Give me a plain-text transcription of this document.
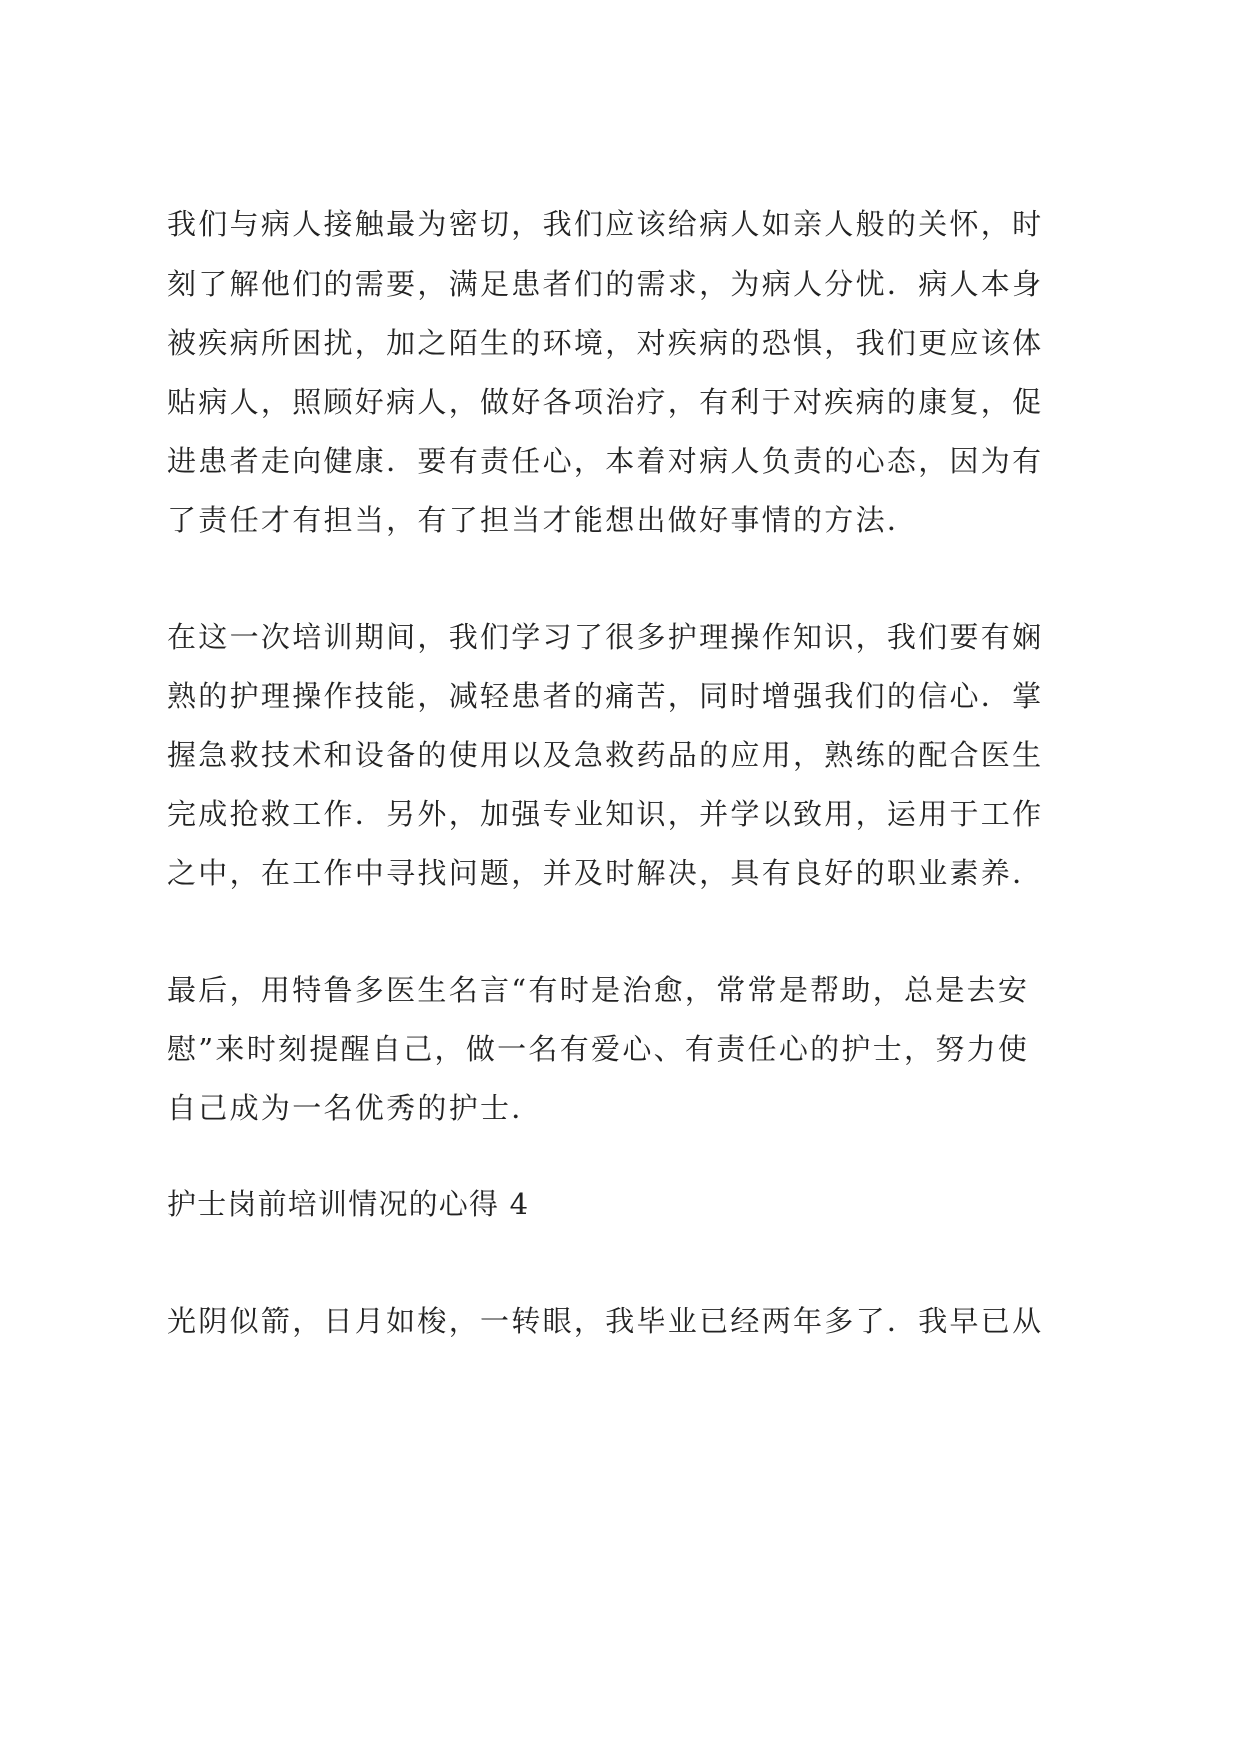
我们与病人接触最为密切，我们应该给病人如亲人般的关怀，时
刻了解他们的需要，满足患者们的需求，为病人分忧．病人本身
被疾病所困扰，加之陌生的环境，对疾病的恐惧，我们更应该体
贴病人，照顾好病人，做好各项治疗，有利于对疾病的康复，促
进患者走向健康．要有责任心，本着对病人负责的心态，因为有
了责任才有担当，有了担当才能想出做好事情的方法．
在这一次培训期间，我们学习了很多护理操作知识，我们要有娴
熟的护理操作技能，减轻患者的痛苦，同时增强我们的信心．掌
握急救技术和设备的使用以及急救药品的应用，熟练的配合医生
完成抢救工作．另外，加强专业知识，并学以致用，运用于工作
之中，在工作中寻找问题，并及时解决，具有良好的职业素养．
最后，用特鲁多医生名言“有时是治愈，常常是帮助，总是去安
慰”来时刻提醒自己，做一名有爱心、有责任心的护士，努力使
自己成为一名优秀的护士．
护士岗前培训情况的心得 4
光阴似箭，日月如梭，一转眼，我毕业已经两年多了．我早已从
